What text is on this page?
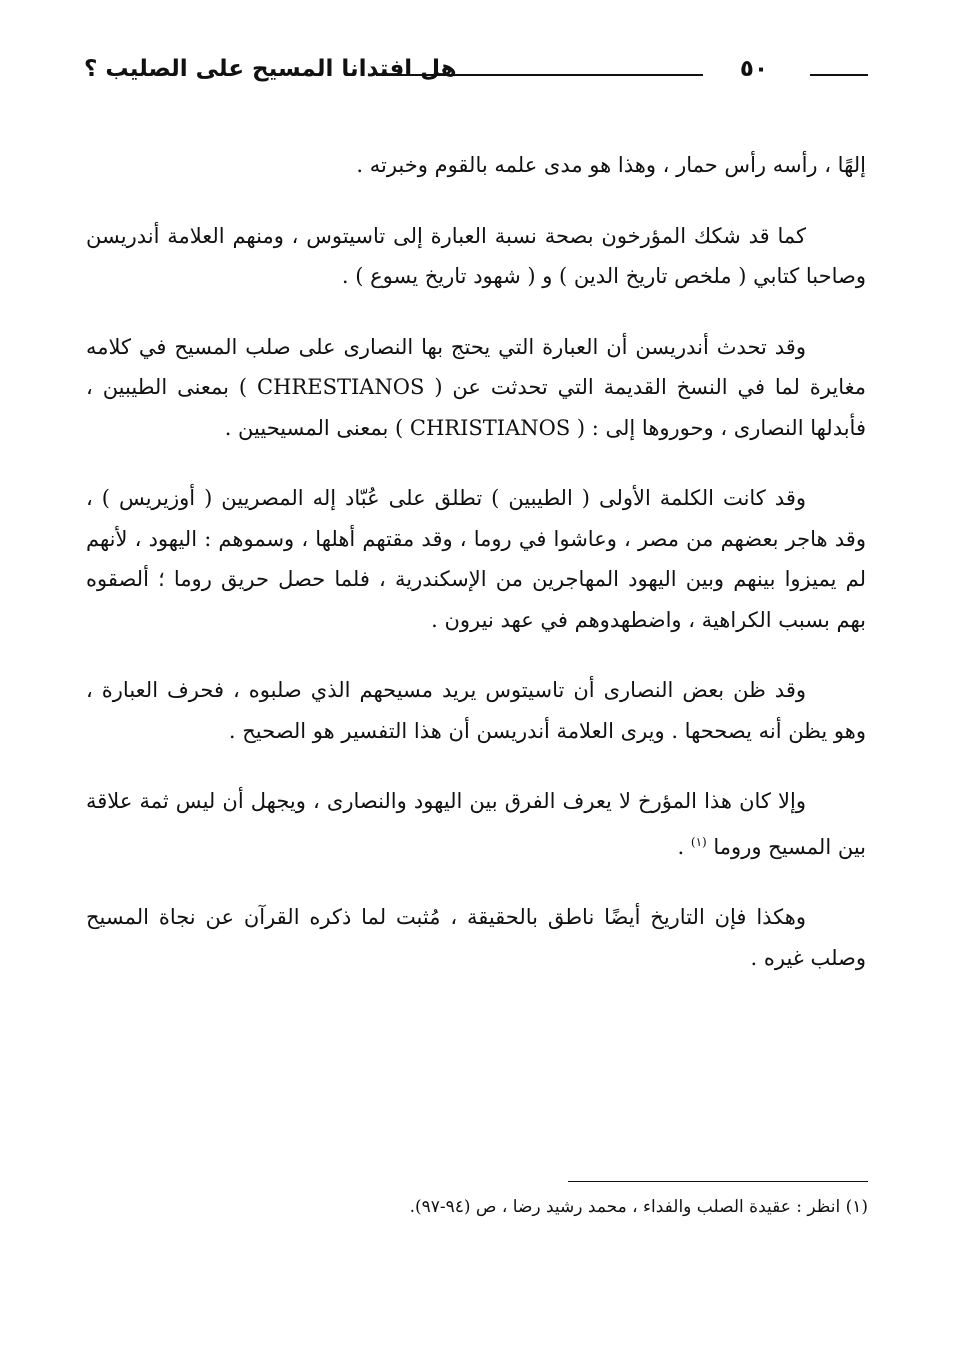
٥٠
هل افتدانا المسيح على الصليب ؟

إلهًا ، رأسه رأس حمار ، وهذا هو مدى علمه بالقوم وخبرته .

كما قد شكك المؤرخون بصحة نسبة العبارة إلى تاسيتوس ، ومنهم العلامة أندريسن وصاحبا كتابي ( ملخص تاريخ الدين ) و ( شهود تاريخ يسوع ) .

وقد تحدث أندريسن أن العبارة التي يحتج بها النصارى على صلب المسيح في كلامه مغايرة لما في النسخ القديمة التي تحدثت عن ( CHRESTIANOS ) بمعنى الطيبين ، فأبدلها النصارى ، وحوروها إلى : ( CHRISTIANOS ) بمعنى المسيحيين .

وقد كانت الكلمة الأولى ( الطيبين ) تطلق على عُبّاد إله المصريين ( أوزيريس ) ، وقد هاجر بعضهم من مصر ، وعاشوا في روما ، وقد مقتهم أهلها ، وسموهم : اليهود ، لأنهم لم يميزوا بينهم وبين اليهود المهاجرين من الإسكندرية ، فلما حصل حريق روما ؛ ألصقوه بهم بسبب الكراهية ، واضطهدوهم في عهد نيرون .

وقد ظن بعض النصارى أن تاسيتوس يريد مسيحهم الذي صلبوه ، فحرف العبارة ، وهو يظن أنه يصححها . ويرى العلامة أندريسن أن هذا التفسير هو الصحيح .

وإلا كان هذا المؤرخ لا يعرف الفرق بين اليهود والنصارى ، ويجهل أن ليس ثمة علاقة بين المسيح وروما $^{(١)}$ .

وهكذا فإن التاريخ أيضًا ناطق بالحقيقة ، مُثبت لما ذكره القرآن عن نجاة المسيح وصلب غيره .

(١) انظر : عقيدة الصلب والفداء ، محمد رشيد رضا ، ص (٩٤-٩٧).
